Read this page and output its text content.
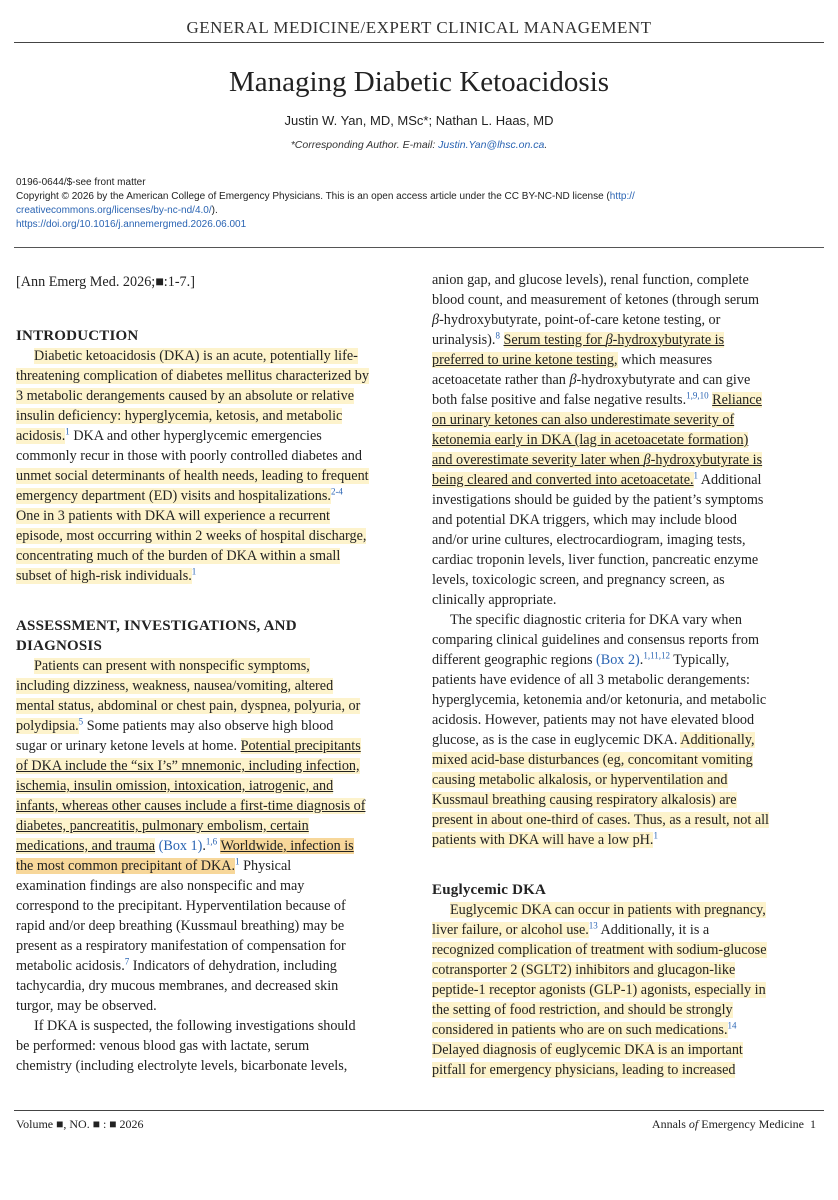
GENERAL MEDICINE/EXPERT CLINICAL MANAGEMENT
Managing Diabetic Ketoacidosis
Justin W. Yan, MD, MSc*; Nathan L. Haas, MD
*Corresponding Author. E-mail: Justin.Yan@lhsc.on.ca.
0196-0644/$-see front matter
Copyright © 2026 by the American College of Emergency Physicians. This is an open access article under the CC BY-NC-ND license (http://
creativecommons.org/licenses/by-nc-nd/4.0/).
https://doi.org/10.1016/j.annemergmed.2026.06.001
[Ann Emerg Med. 2026;■:1-7.]
INTRODUCTION
Diabetic ketoacidosis (DKA) is an acute, potentially life-
threatening complication of diabetes mellitus characterized by
3 metabolic derangements caused by an absolute or relative
insulin deficiency: hyperglycemia, ketosis, and metabolic
acidosis.$^1$ DKA and other hyperglycemic emergencies
commonly recur in those with poorly controlled diabetes and
unmet social determinants of health needs, leading to frequent
emergency department (ED) visits and hospitalizations.$^{2-4}$
One in 3 patients with DKA will experience a recurrent
episode, most occurring within 2 weeks of hospital discharge,
concentrating much of the burden of DKA within a small
subset of high-risk individuals.$^1$
ASSESSMENT, INVESTIGATIONS, AND
DIAGNOSIS
Patients can present with nonspecific symptoms,
including dizziness, weakness, nausea/vomiting, altered
mental status, abdominal or chest pain, dyspnea, polyuria, or
polydipsia.$^5$ Some patients may also observe high blood
sugar or urinary ketone levels at home. Potential precipitants
of DKA include the “six I’s” mnemonic, including infection,
ischemia, insulin omission, intoxication, iatrogenic, and
infants, whereas other causes include a first-time diagnosis of
diabetes, pancreatitis, pulmonary embolism, certain
medications, and trauma (Box 1).$^{1,6}$ Worldwide, infection is
the most common precipitant of DKA.$^1$ Physical
examination findings are also nonspecific and may
correspond to the precipitant. Hyperventilation because of
rapid and/or deep breathing (Kussmaul breathing) may be
present as a respiratory manifestation of compensation for
metabolic acidosis.$^7$ Indicators of dehydration, including
tachycardia, dry mucous membranes, and decreased skin
turgor, may be observed.
If DKA is suspected, the following investigations should
be performed: venous blood gas with lactate, serum
chemistry (including electrolyte levels, bicarbonate levels,
anion gap, and glucose levels), renal function, complete
blood count, and measurement of ketones (through serum
β-hydroxybutyrate, point-of-care ketone testing, or
urinalysis).$^8$ Serum testing for β-hydroxybutyrate is
preferred to urine ketone testing, which measures
acetoacetate rather than β-hydroxybutyrate and can give
both false positive and false negative results.$^{1,9,10}$ Reliance
on urinary ketones can also underestimate severity of
ketonemia early in DKA (lag in acetoacetate formation)
and overestimate severity later when β-hydroxybutyrate is
being cleared and converted into acetoacetate.$^1$ Additional
investigations should be guided by the patient’s symptoms
and potential DKA triggers, which may include blood
and/or urine cultures, electrocardiogram, imaging tests,
cardiac troponin levels, liver function, pancreatic enzyme
levels, toxicologic screen, and pregnancy screen, as
clinically appropriate.
The specific diagnostic criteria for DKA vary when
comparing clinical guidelines and consensus reports from
different geographic regions (Box 2).$^{1,11,12}$ Typically,
patients have evidence of all 3 metabolic derangements:
hyperglycemia, ketonemia and/or ketonuria, and metabolic
acidosis. However, patients may not have elevated blood
glucose, as is the case in euglycemic DKA. Additionally,
mixed acid-base disturbances (eg, concomitant vomiting
causing metabolic alkalosis, or hyperventilation and
Kussmaul breathing causing respiratory alkalosis) are
present in about one-third of cases. Thus, as a result, not all
patients with DKA will have a low pH.$^1$
Euglycemic DKA
Euglycemic DKA can occur in patients with pregnancy,
liver failure, or alcohol use.$^{13}$ Additionally, it is a
recognized complication of treatment with sodium-glucose
cotransporter 2 (SGLT2) inhibitors and glucagon-like
peptide-1 receptor agonists (GLP-1) agonists, especially in
the setting of food restriction, and should be strongly
considered in patients who are on such medications.$^{14}$
Delayed diagnosis of euglycemic DKA is an important
pitfall for emergency physicians, leading to increased
Volume ■, NO. ■ : ■ 2026	Annals of Emergency Medicine 1
